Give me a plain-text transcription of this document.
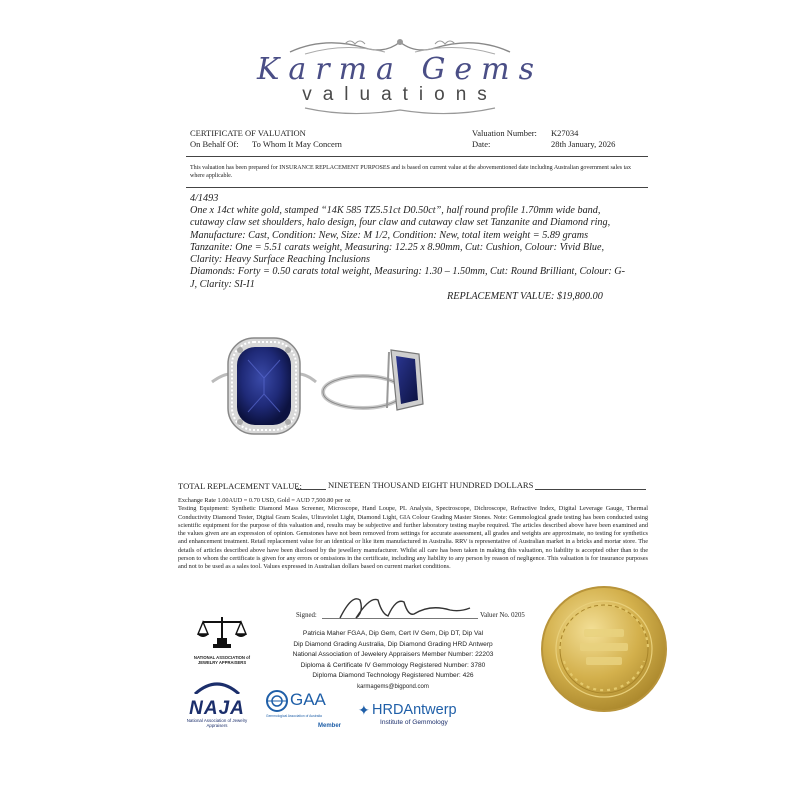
Karma Gems
valuations
CERTIFICATE OF VALUATION
On Behalf Of: To Whom It May Concern
Valuation Number: K27034
Date:	28th January, 2026
This valuation has been prepared for INSURANCE REPLACEMENT PURPOSES and is based on current value at the abovementioned date including Australian government sales tax where applicable.
4/1493
One x 14ct white gold, stamped “14K 585 TZ5.51ct D0.50ct”, half round profile 1.70mm wide band,
cutaway claw set shoulders, halo design, four claw and cutaway claw set Tanzanite and Diamond ring,
Manufacture: Cast, Condition: New, Size: M 1/2, Condition: New, total item weight = 5.89 grams
Tanzanite: One = 5.51 carats weight, Measuring: 12.25 x 8.90mm, Cut: Cushion, Colour: Vivid Blue,
Clarity: Heavy Surface Reaching Inclusions
Diamonds: Forty = 0.50 carats total weight, Measuring: 1.30 – 1.50mm, Cut: Round Brilliant, Colour: G-
J, Clarity: SI-I1
REPLACEMENT VALUE: $19,800.00
TOTAL REPLACEMENT VALUE:	NINETEEN THOUSAND EIGHT HUNDRED DOLLARS
Exchange Rate 1.00AUD = 0.70 USD, Gold = AUD 7,500.80 per oz
Testing Equipment: Synthetic Diamond Mass Screener, Microscope, Hand Loupe, PL Analysis, Spectroscope, Dichroscope, Refractive Index, Digital Leverage Gauge, Thermal Conductivity Diamond Tester, Digital Gram Scales, Ultraviolet Light, Diamond Light, GIA Colour Grading Master Stones. Note: Gemmological grade testing has been conducted using scientific equipment for the purpose of this valuation and, results may be subjective and further laboratory testing maybe required. The articles described above have been examined and the values given are an expression of opinion. Gemstones have not been removed from settings for accurate assessment, all grades and weights are approximate, no testing for synthetics and enhancement treatment. Retail replacement value for an identical or like item manufactured in Australia. RRV is representative of Australian market in a bricks and mortar store. The details of articles described above have been disclosed by the jewellery manufacturer. Whilst all care has been taken in making this valuation, no liability is accepted other than to the person to whom the certificate is given for any errors or omissions in the certificate, including any liability to any person by reason of negligence. This valuation is for insurance purposes and not to be used as a sales tool. Values expressed in Australian dollars based on current market conditions.
Signed:	Valuer No. 0205
Patricia Maher FGAA, Dip Gem, Cert IV Gem, Dip DT, Dip Val
Dip Diamond Grading Australia, Dip Diamond Grading HRD Antwerp
National Association of Jewelery Appraisers Member Number: 22203
Diploma & Certificate IV Gemmology Registered Number: 3780
Diploma Diamond Technology Registered Number: 426
karmagems@bigpond.com
NATIONAL ASSOCIATION of JEWELRY APPRAISERS
NAJA
National Association of Jewelry Appraisers
GAA
Gemmological Association of Australia
Member
✦ HRDAntwerp
Institute of Gemmology
